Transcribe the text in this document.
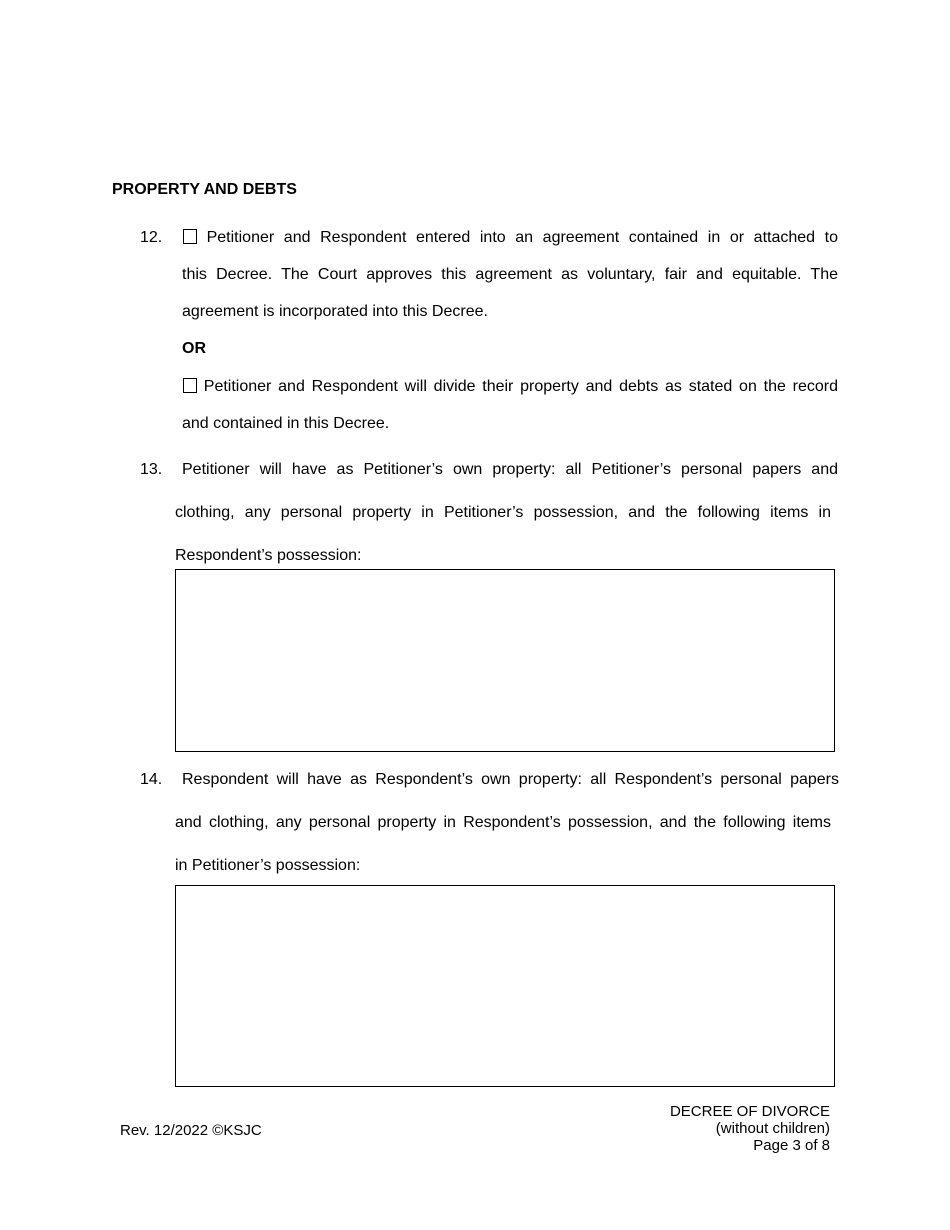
PROPERTY AND DEBTS
12.	Petitioner and Respondent entered into an agreement contained in or attached to
this Decree. The Court approves this agreement as voluntary, fair and equitable. The
agreement is incorporated into this Decree.
OR
Petitioner and Respondent will divide their property and debts as stated on the record
and contained in this Decree.
13. Petitioner will have as Petitioner’s own property: all Petitioner’s personal papers and
clothing, any personal property in Petitioner’s possession, and the following items in
Respondent’s possession:
14. Respondent will have as Respondent’s own property: all Respondent’s personal papers
and clothing, any personal property in Respondent’s possession, and the following items
in Petitioner’s possession:
Rev. 12/2022 ©KSJC
DECREE OF DIVORCE
(without children)
Page 3 of 8
